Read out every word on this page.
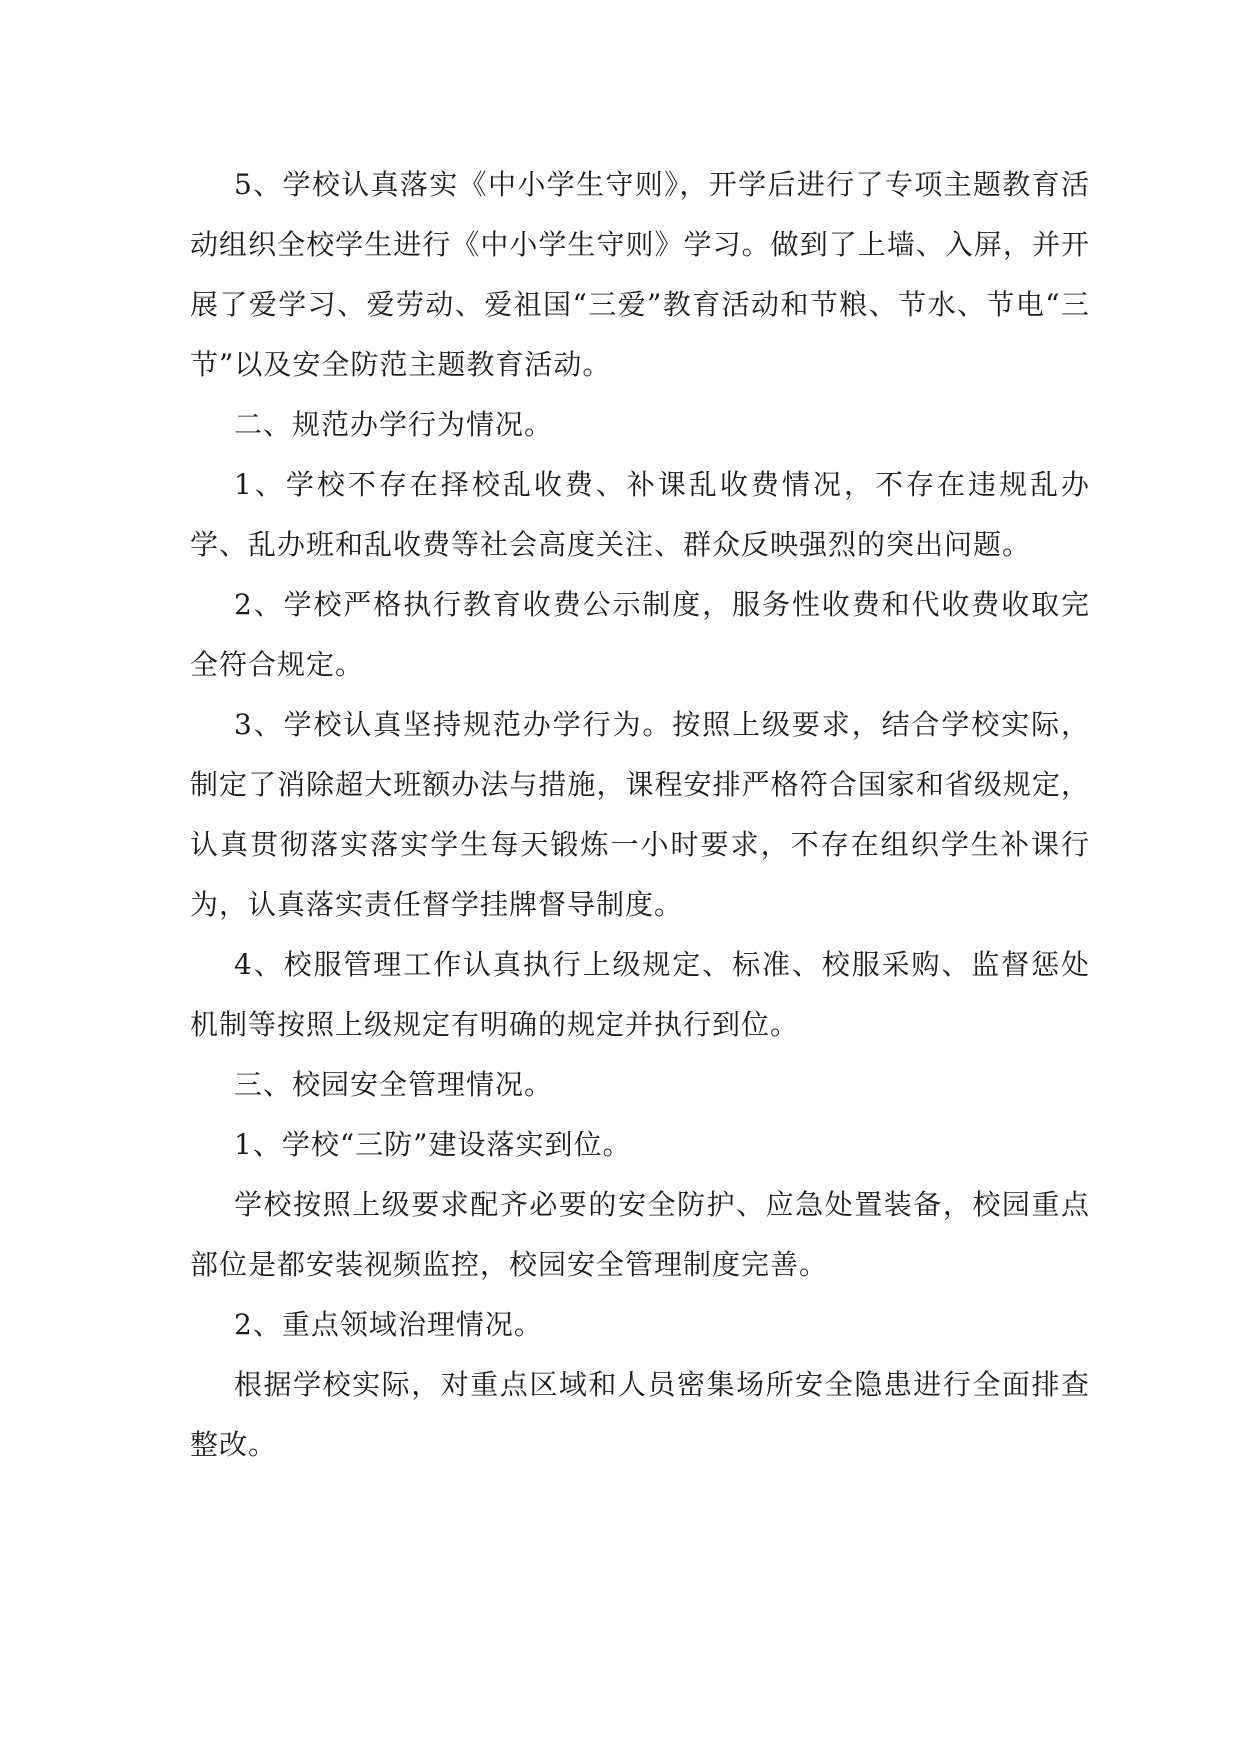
5、学校认真落实《中小学生守则》，开学后进行了专项主题教育活动组织全校学生进行《中小学生守则》学习。做到了上墙、入屏，并开展了爱学习、爱劳动、爱祖国“三爱”教育活动和节粮、节水、节电“三节”以及安全防范主题教育活动。

二、规范办学行为情况。

1、学校不存在择校乱收费、补课乱收费情况，不存在违规乱办学、乱办班和乱收费等社会高度关注、群众反映强烈的突出问题。

2、学校严格执行教育收费公示制度，服务性收费和代收费收取完全符合规定。

3、学校认真坚持规范办学行为。按照上级要求，结合学校实际，制定了消除超大班额办法与措施，课程安排严格符合国家和省级规定，认真贯彻落实落实学生每天锻炼一小时要求，不存在组织学生补课行为，认真落实责任督学挂牌督导制度。

4、校服管理工作认真执行上级规定、标准、校服采购、监督惩处机制等按照上级规定有明确的规定并执行到位。

三、校园安全管理情况。

1、学校“三防”建设落实到位。

学校按照上级要求配齐必要的安全防护、应急处置装备，校园重点部位是都安装视频监控，校园安全管理制度完善。

2、重点领域治理情况。

根据学校实际，对重点区域和人员密集场所安全隐患进行全面排查整改。
